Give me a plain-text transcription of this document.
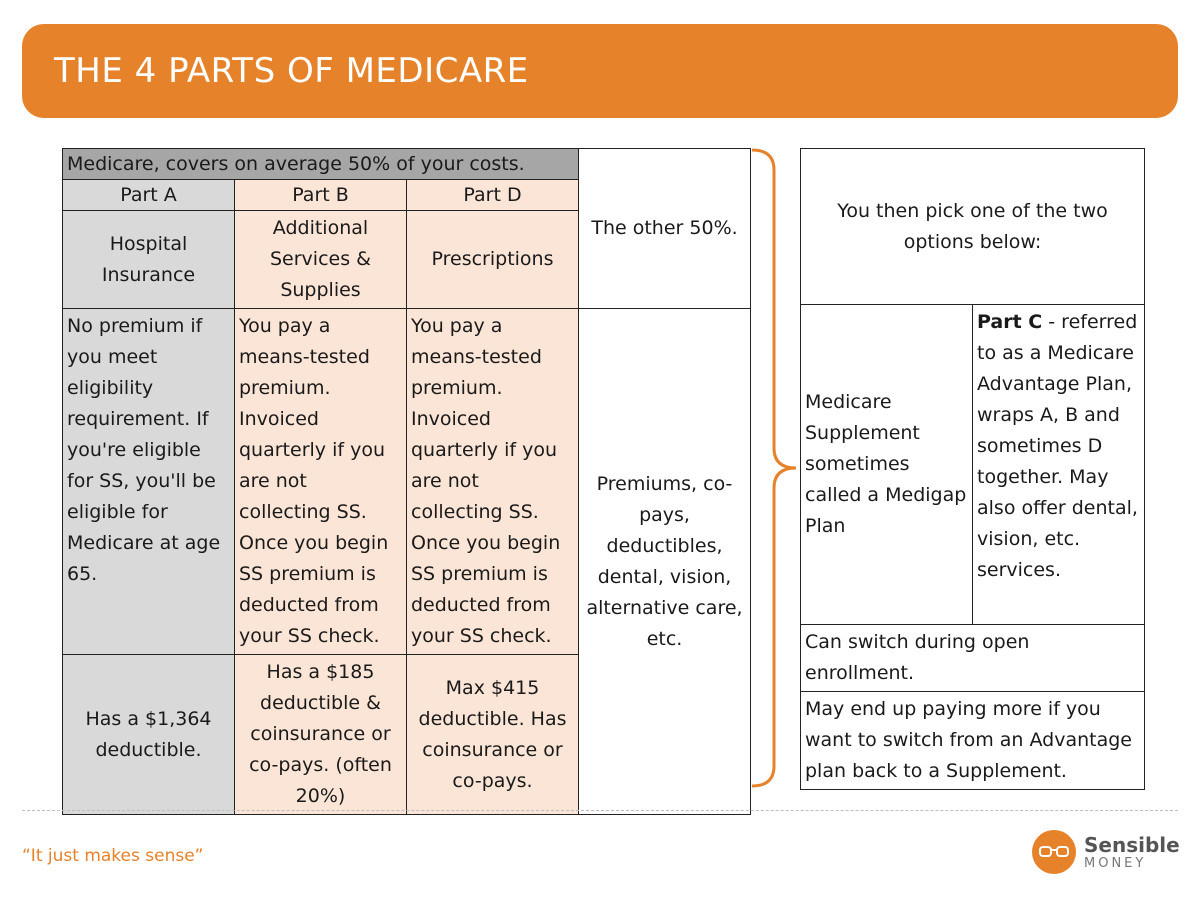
THE 4 PARTS OF MEDICARE
Medicare, covers on average 50% of your costs.			The other 50%.
Part A	Part B	Part D	
Hospital Insurance	Additional Services & Supplies	Prescriptions	
No premium if you meet eligibility requirement. If you're eligible for SS, you'll be eligible for Medicare at age 65.	You pay a means-tested premium. Invoiced quarterly if you are not collecting SS. Once you begin SS premium is deducted from your SS check.	You pay a means-tested premium. Invoiced quarterly if you are not collecting SS. Once you begin SS premium is deducted from your SS check.	Premiums, co-pays, deductibles, dental, vision, alternative care, etc.
Has a $1,364 deductible.	Has a $185 deductible & coinsurance or co-pays. (often 20%)	Max $415 deductible. Has coinsurance or co-pays.	
You then pick one of the two options below:
Medicare Supplement sometimes called a Medigap Plan	Part C - referred to as a Medicare Advantage Plan, wraps A, B and sometimes D together. May also offer dental, vision, etc. services.
Can switch during open enrollment.
May end up paying more if you want to switch from an Advantage plan back to a Supplement.
“It just makes sense”	Sensible
MONEY
